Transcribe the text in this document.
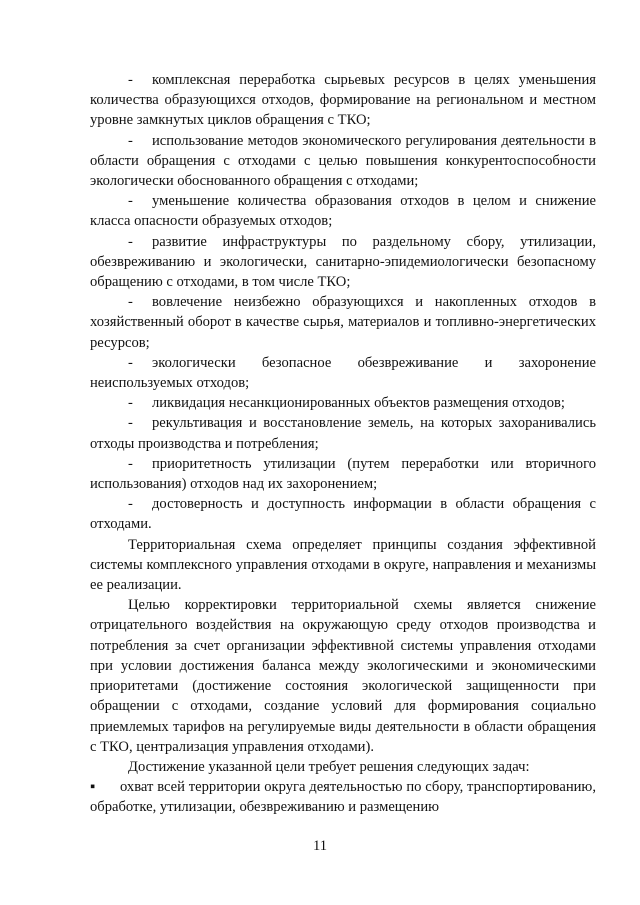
- комплексная переработка сырьевых ресурсов в целях уменьшения количества образующихся отходов, формирование на региональном и местном уровне замкнутых циклов обращения с ТКО;

- использование методов экономического регулирования деятельности в области обращения с отходами с целью повышения конкурентоспособности экологически обоснованного обращения с отходами;

- уменьшение количества образования отходов в целом и снижение класса опасности образуемых отходов;

- развитие инфраструктуры по раздельному сбору, утилизации, обезвреживанию и экологически, санитарно-эпидемиологически безопасному обращению с отходами, в том числе ТКО;

- вовлечение неизбежно образующихся и накопленных отходов в хозяйственный оборот в качестве сырья, материалов и топливно-энергетических ресурсов;

- экологически безопасное обезвреживание и захоронение неиспользуемых отходов;

- ликвидация несанкционированных объектов размещения отходов;

- рекультивация и восстановление земель, на которых захоранивались отходы производства и потребления;

- приоритетность утилизации (путем переработки или вторичного использования) отходов над их захоронением;

- достоверность и доступность информации в области обращения с отходами.

Территориальная схема определяет принципы создания эффективной системы комплексного управления отходами в округе, направления и механизмы ее реализации.

Целью корректировки территориальной схемы является снижение отрицательного воздействия на окружающую среду отходов производства и потребления за счет организации эффективной системы управления отходами при условии достижения баланса между экологическими и экономическими приоритетами (достижение состояния экологической защищенности при обращении с отходами, создание условий для формирования социально приемлемых тарифов на регулируемые виды деятельности в области обращения с ТКО, централизация управления отходами).

Достижение указанной цели требует решения следующих задач:

▪ охват всей территории округа деятельностью по сбору, транспортированию, обработке, утилизации, обезвреживанию и размещению

11
